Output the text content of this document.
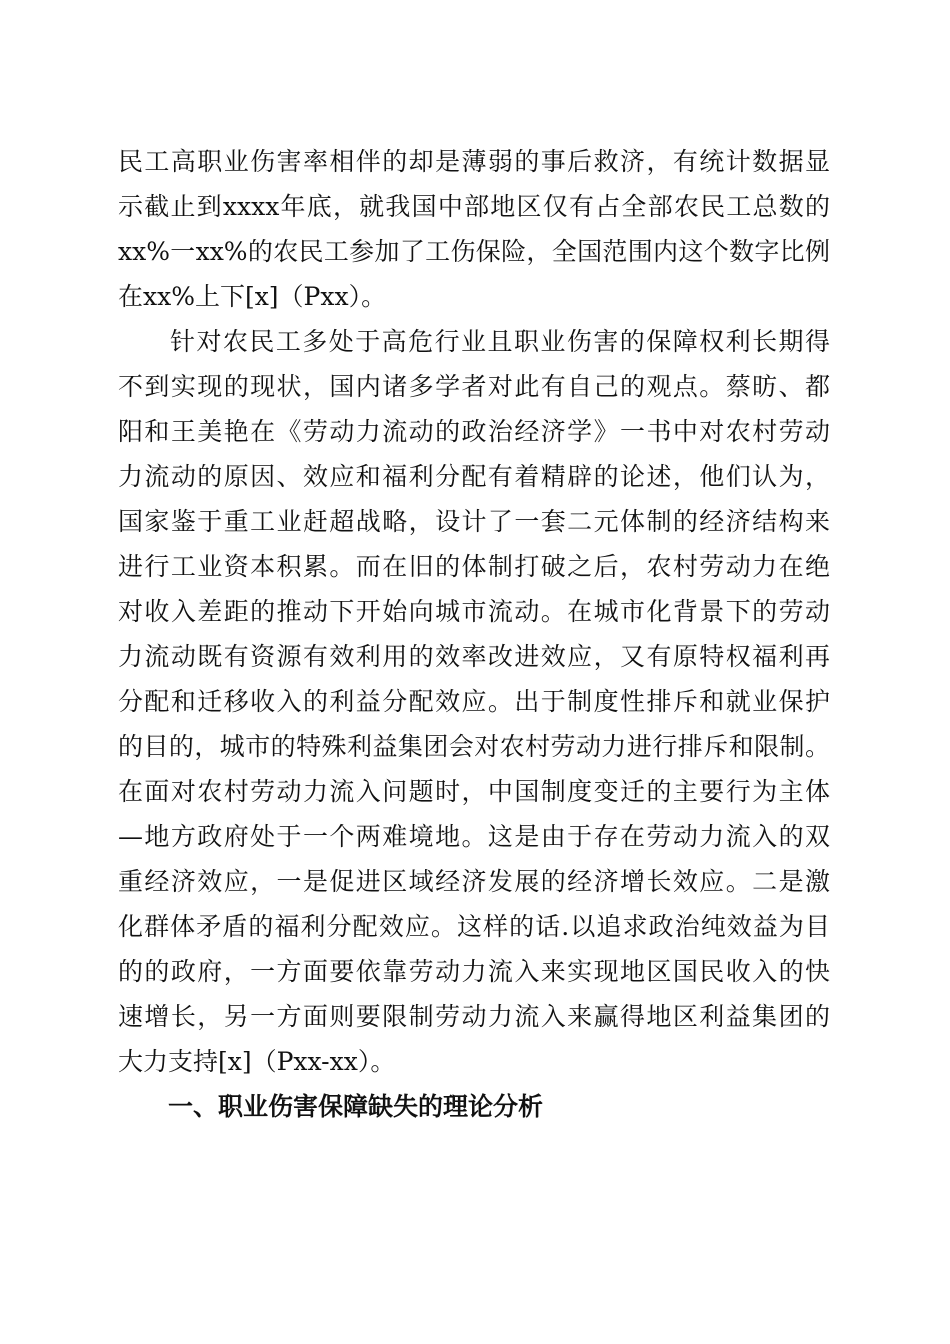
民工高职业伤害率相伴的却是薄弱的事后救济，有统计数据显
示截止到xxxx年底，就我国中部地区仅有占全部农民工总数的
xx%一xx%的农民工参加了工伤保险，全国范围内这个数字比例
在xx%上下[x]（Pxx）。
针对农民工多处于高危行业且职业伤害的保障权利长期得
不到实现的现状，国内诸多学者对此有自己的观点。蔡昉、都
阳和王美艳在《劳动力流动的政治经济学》一书中对农村劳动
力流动的原因、效应和福利分配有着精辟的论述，他们认为，
国家鉴于重工业赶超战略，设计了一套二元体制的经济结构来
进行工业资本积累。而在旧的体制打破之后，农村劳动力在绝
对收入差距的推动下开始向城市流动。在城市化背景下的劳动
力流动既有资源有效利用的效率改进效应，又有原特权福利再
分配和迁移收入的利益分配效应。出于制度性排斥和就业保护
的目的，城市的特殊利益集团会对农村劳动力进行排斥和限制。
在面对农村劳动力流入问题时，中国制度变迁的主要行为主体
—地方政府处于一个两难境地。这是由于存在劳动力流入的双
重经济效应，一是促进区域经济发展的经济增长效应。二是激
化群体矛盾的福利分配效应。这样的话.以追求政治纯效益为目
的的政府，一方面要依靠劳动力流入来实现地区国民收入的快
速增长，另一方面则要限制劳动力流入来赢得地区利益集团的
大力支持[x]（Pxx-xx）。
一、职业伤害保障缺失的理论分析
